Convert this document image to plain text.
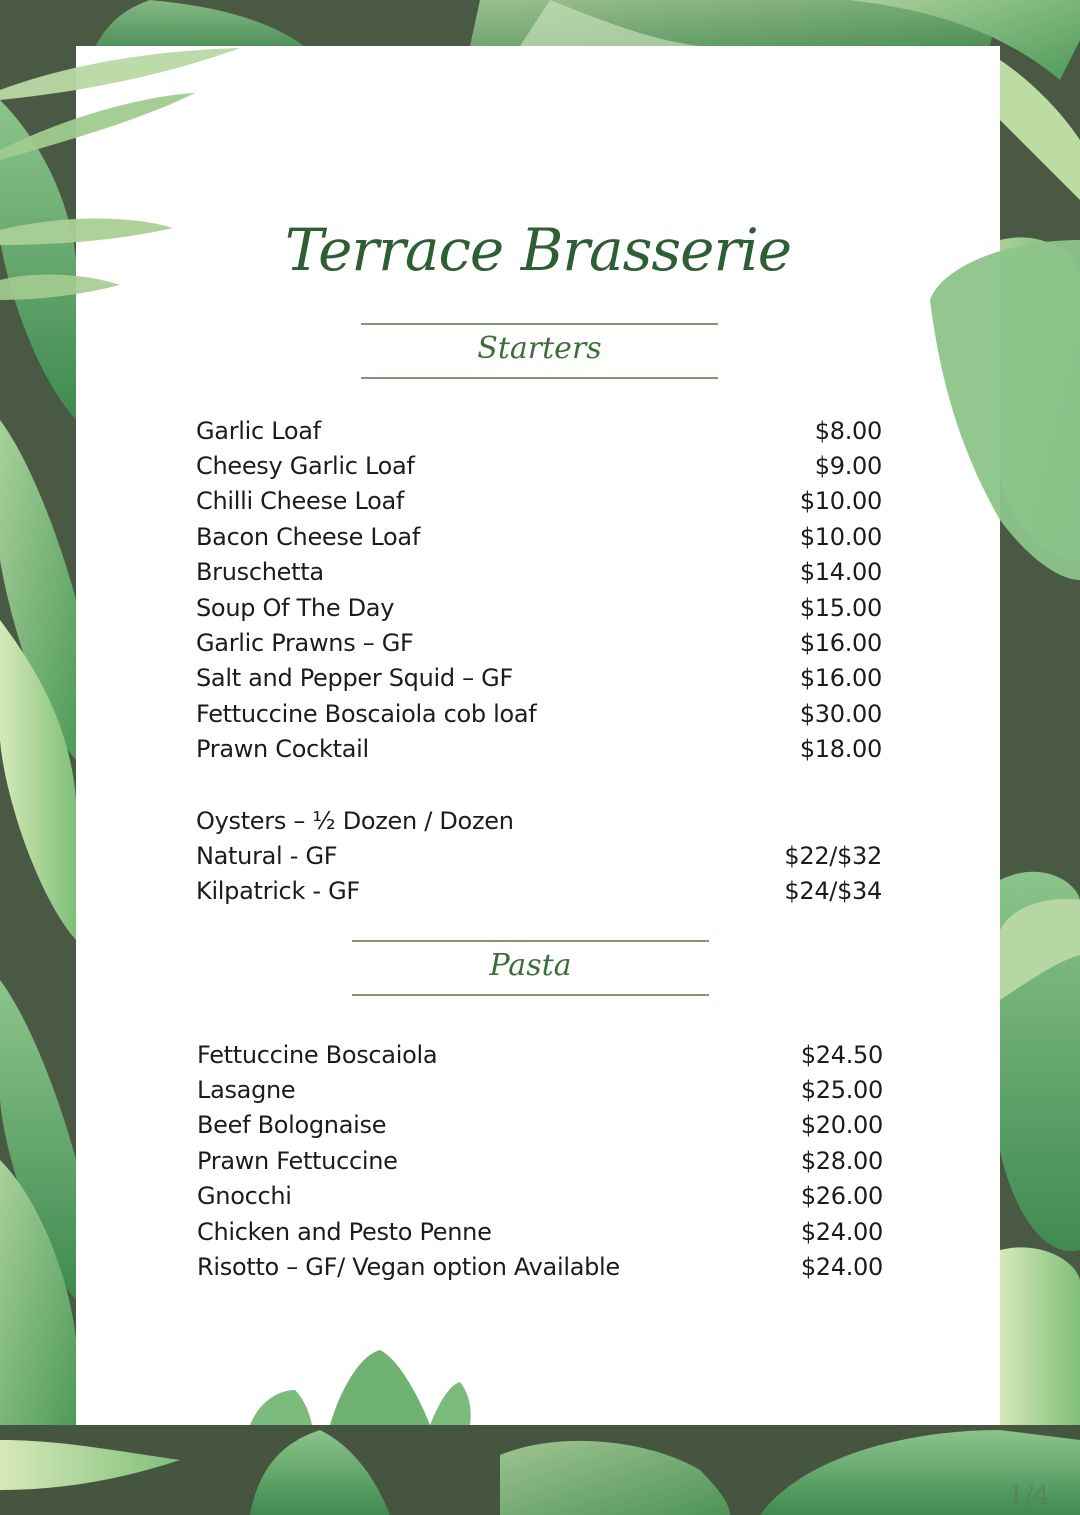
Terrace Brasserie
Starters
Garlic Loaf	$8.00
Cheesy Garlic Loaf	$9.00
Chilli Cheese Loaf	$10.00
Bacon Cheese Loaf	$10.00
Bruschetta	$14.00
Soup Of The Day	$15.00
Garlic Prawns – GF	$16.00
Salt and Pepper Squid – GF	$16.00
Fettuccine Boscaiola cob loaf	$30.00
Prawn Cocktail	$18.00
Oysters – ½ Dozen / Dozen
Natural - GF	$22/$32
Kilpatrick - GF	$24/$34
Pasta
Fettuccine Boscaiola	$24.50
Lasagne	$25.00
Beef Bolognaise	$20.00
Prawn Fettuccine	$28.00
Gnocchi	$26.00
Chicken and Pesto Penne	$24.00
Risotto – GF/ Vegan option Available	$24.00
1/4
